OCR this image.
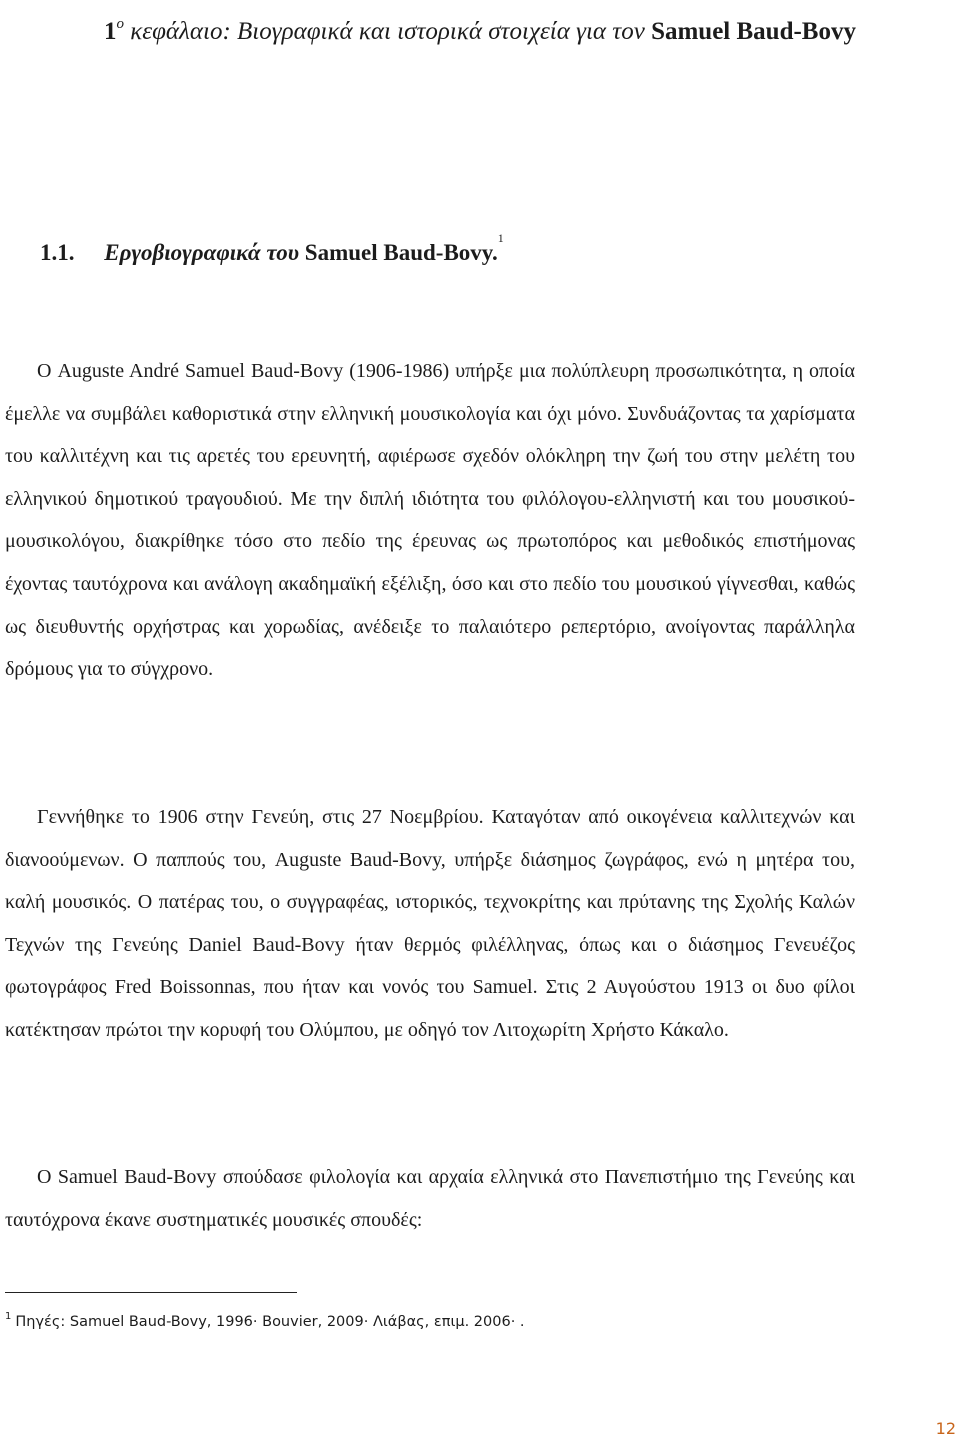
$1^o$ κεφάλαιο: Βιογραφικά και ιστορικά στοιχεία για τον Samuel Baud-Bovy
1.1. Εργοβιογραφικά του Samuel Baud-Bovy.$^1$

Ο Auguste André Samuel Baud-Bovy (1906-1986) υπήρξε μια πολύπλευρη προσωπικότητα, η οποία έμελλε να συμβάλει καθοριστικά στην ελληνική μουσικολογία και όχι μόνο. Συνδυάζοντας τα χαρίσματα του καλλιτέχνη και τις αρετές του ερευνητή, αφιέρωσε σχεδόν ολόκληρη την ζωή του στην μελέτη του ελληνικού δημοτικού τραγουδιού. Με την διπλή ιδιότητα του φιλόλογου-ελληνιστή και του μουσικού-μουσικολόγου, διακρίθηκε τόσο στο πεδίο της έρευνας ως πρωτοπόρος και μεθοδικός επιστήμονας έχοντας ταυτόχρονα και ανάλογη ακαδημαϊκή εξέλιξη, όσο και στο πεδίο του μουσικού γίγνεσθαι, καθώς ως διευθυντής ορχήστρας και χορωδίας, ανέδειξε το παλαιότερο ρεπερτόριο, ανοίγοντας παράλληλα δρόμους για το σύγχρονο.

Γεννήθηκε το 1906 στην Γενεύη, στις 27 Νοεμβρίου. Καταγόταν από οικογένεια καλλιτεχνών και διανοούμενων. Ο παππούς του, Auguste Baud-Bovy, υπήρξε διάσημος ζωγράφος, ενώ η μητέρα του, καλή μουσικός. Ο πατέρας του, ο συγγραφέας, ιστορικός, τεχνοκρίτης και πρύτανης της Σχολής Καλών Τεχνών της Γενεύης Daniel Baud-Bovy ήταν θερμός φιλέλληνας, όπως και ο διάσημος Γενευέζος φωτογράφος Fred Boissonnas, που ήταν και νονός του Samuel. Στις 2 Αυγούστου 1913 οι δυο φίλοι κατέκτησαν πρώτοι την κορυφή του Ολύμπου, με οδηγό τον Λιτοχωρίτη Χρήστο Κάκαλο.

Ο Samuel Baud-Bovy σπούδασε φιλολογία και αρχαία ελληνικά στο Πανεπιστήμιο της Γενεύης και ταυτόχρονα έκανε συστηματικές μουσικές σπουδές:

$^1$ Πηγές: Samuel Baud-Bovy, 1996· Bouvier, 2009· Λιάβας, επιμ. 2006· .

12
